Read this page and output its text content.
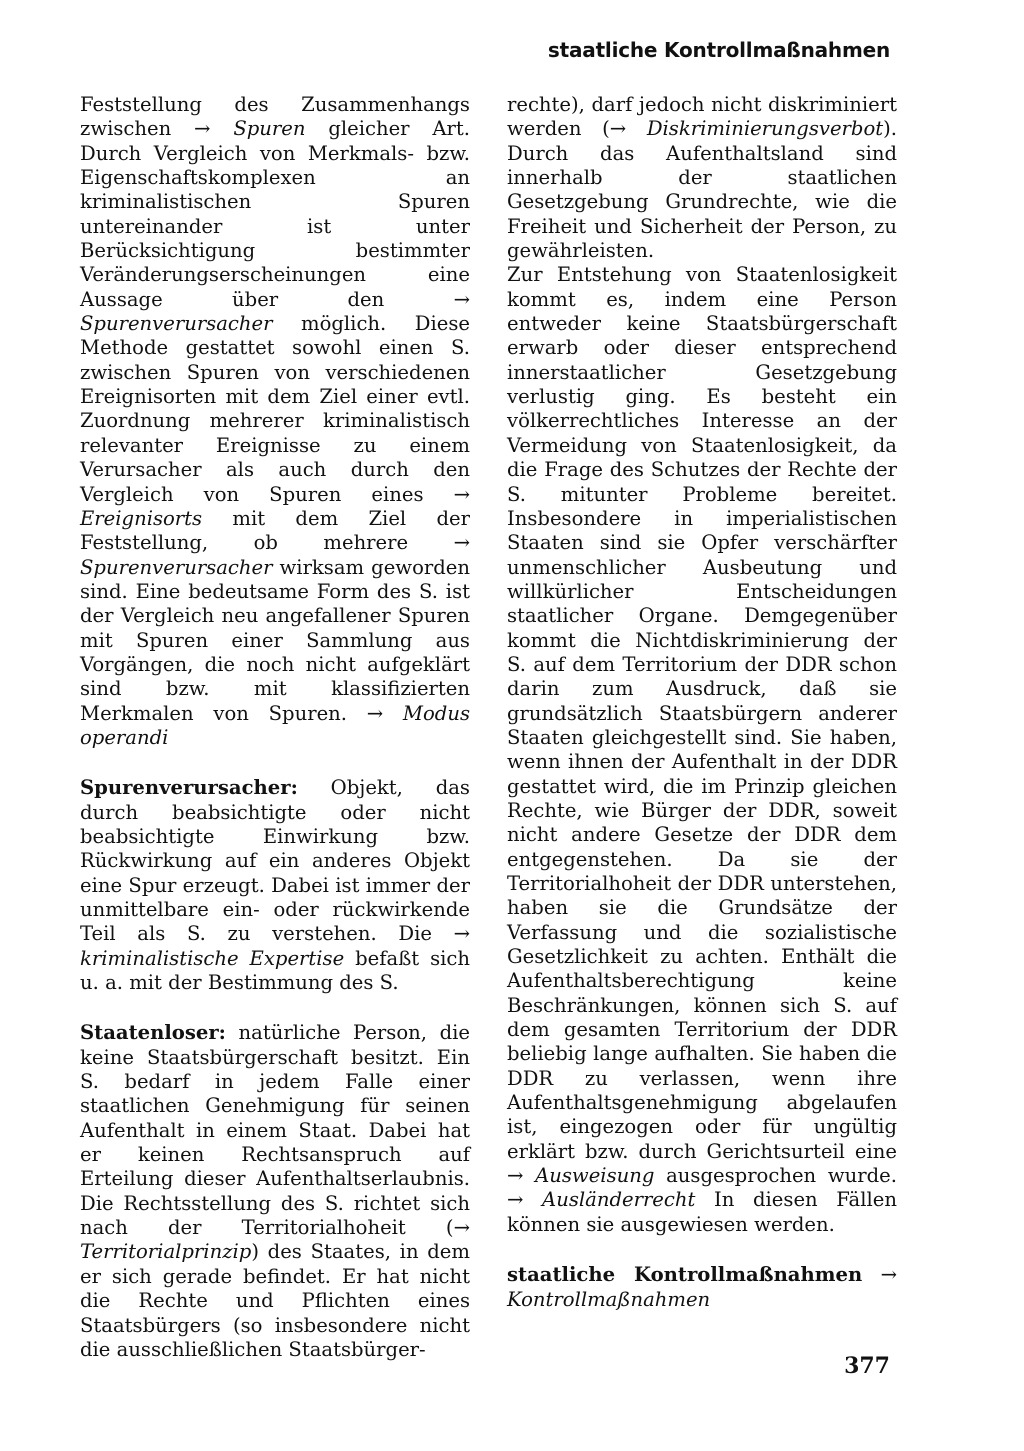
staatliche Kontrollmaßnahmen

Feststellung des Zusammenhangs zwischen → Spuren gleicher Art. Durch Vergleich von Merkmals- bzw. Eigenschaftskomplexen an kriminalistischen Spuren untereinander ist unter Berücksichtigung bestimmter Veränderungserscheinungen eine Aussage über den → Spurenverursacher möglich. Diese Methode gestattet sowohl einen S. zwischen Spuren von verschiedenen Ereignisorten mit dem Ziel einer evtl. Zuordnung mehrerer kriminalistisch relevanter Ereignisse zu einem Verursacher als auch durch den Vergleich von Spuren eines → Ereignisorts mit dem Ziel der Feststellung, ob mehrere → Spurenverursacher wirksam geworden sind. Eine bedeutsame Form des S. ist der Vergleich neu angefallener Spuren mit Spuren einer Sammlung aus Vorgängen, die noch nicht aufgeklärt sind bzw. mit klassifizierten Merkmalen von Spuren. → Modus operandi

Spurenverursacher: Objekt, das durch beabsichtigte oder nicht beabsichtigte Einwirkung bzw. Rückwirkung auf ein anderes Objekt eine Spur erzeugt. Dabei ist immer der unmittelbare ein- oder rückwirkende Teil als S. zu verstehen. Die → kriminalistische Expertise befaßt sich u. a. mit der Bestimmung des S.

Staatenloser: natürliche Person, die keine Staatsbürgerschaft besitzt. Ein S. bedarf in jedem Falle einer staatlichen Genehmigung für seinen Aufenthalt in einem Staat. Dabei hat er keinen Rechtsanspruch auf Erteilung dieser Aufenthaltserlaubnis. Die Rechtsstellung des S. richtet sich nach der Territorialhoheit (→ Territorialprinzip) des Staates, in dem er sich gerade befindet. Er hat nicht die Rechte und Pflichten eines Staatsbürgers (so insbesondere nicht die ausschließlichen Staatsbürger-

rechte), darf jedoch nicht diskriminiert werden (→ Diskriminierungsverbot). Durch das Aufenthaltsland sind innerhalb der staatlichen Gesetzgebung Grundrechte, wie die Freiheit und Sicherheit der Person, zu gewährleisten.

Zur Entstehung von Staatenlosigkeit kommt es, indem eine Person entweder keine Staatsbürgerschaft erwarb oder dieser entsprechend innerstaatlicher Gesetzgebung verlustig ging. Es besteht ein völkerrechtliches Interesse an der Vermeidung von Staatenlosigkeit, da die Frage des Schutzes der Rechte der S. mitunter Probleme bereitet. Insbesondere in imperialistischen Staaten sind sie Opfer verschärfter unmenschlicher Ausbeutung und willkürlicher Entscheidungen staatlicher Organe. Demgegenüber kommt die Nichtdiskriminierung der S. auf dem Territorium der DDR schon darin zum Ausdruck, daß sie grundsätzlich Staatsbürgern anderer Staaten gleichgestellt sind. Sie haben, wenn ihnen der Aufenthalt in der DDR gestattet wird, die im Prinzip gleichen Rechte, wie Bürger der DDR, soweit nicht andere Gesetze der DDR dem entgegenstehen. Da sie der Territorialhoheit der DDR unterstehen, haben sie die Grundsätze der Verfassung und die sozialistische Gesetzlichkeit zu achten. Enthält die Aufenthaltsberechtigung keine Beschränkungen, können sich S. auf dem gesamten Territorium der DDR beliebig lange aufhalten. Sie haben die DDR zu verlassen, wenn ihre Aufenthaltsgenehmigung abgelaufen ist, eingezogen oder für ungültig erklärt bzw. durch Gerichtsurteil eine → Ausweisung ausgesprochen wurde. → Ausländerrecht In diesen Fällen können sie ausgewiesen werden.

staatliche Kontrollmaßnahmen → Kontrollmaßnahmen

377
